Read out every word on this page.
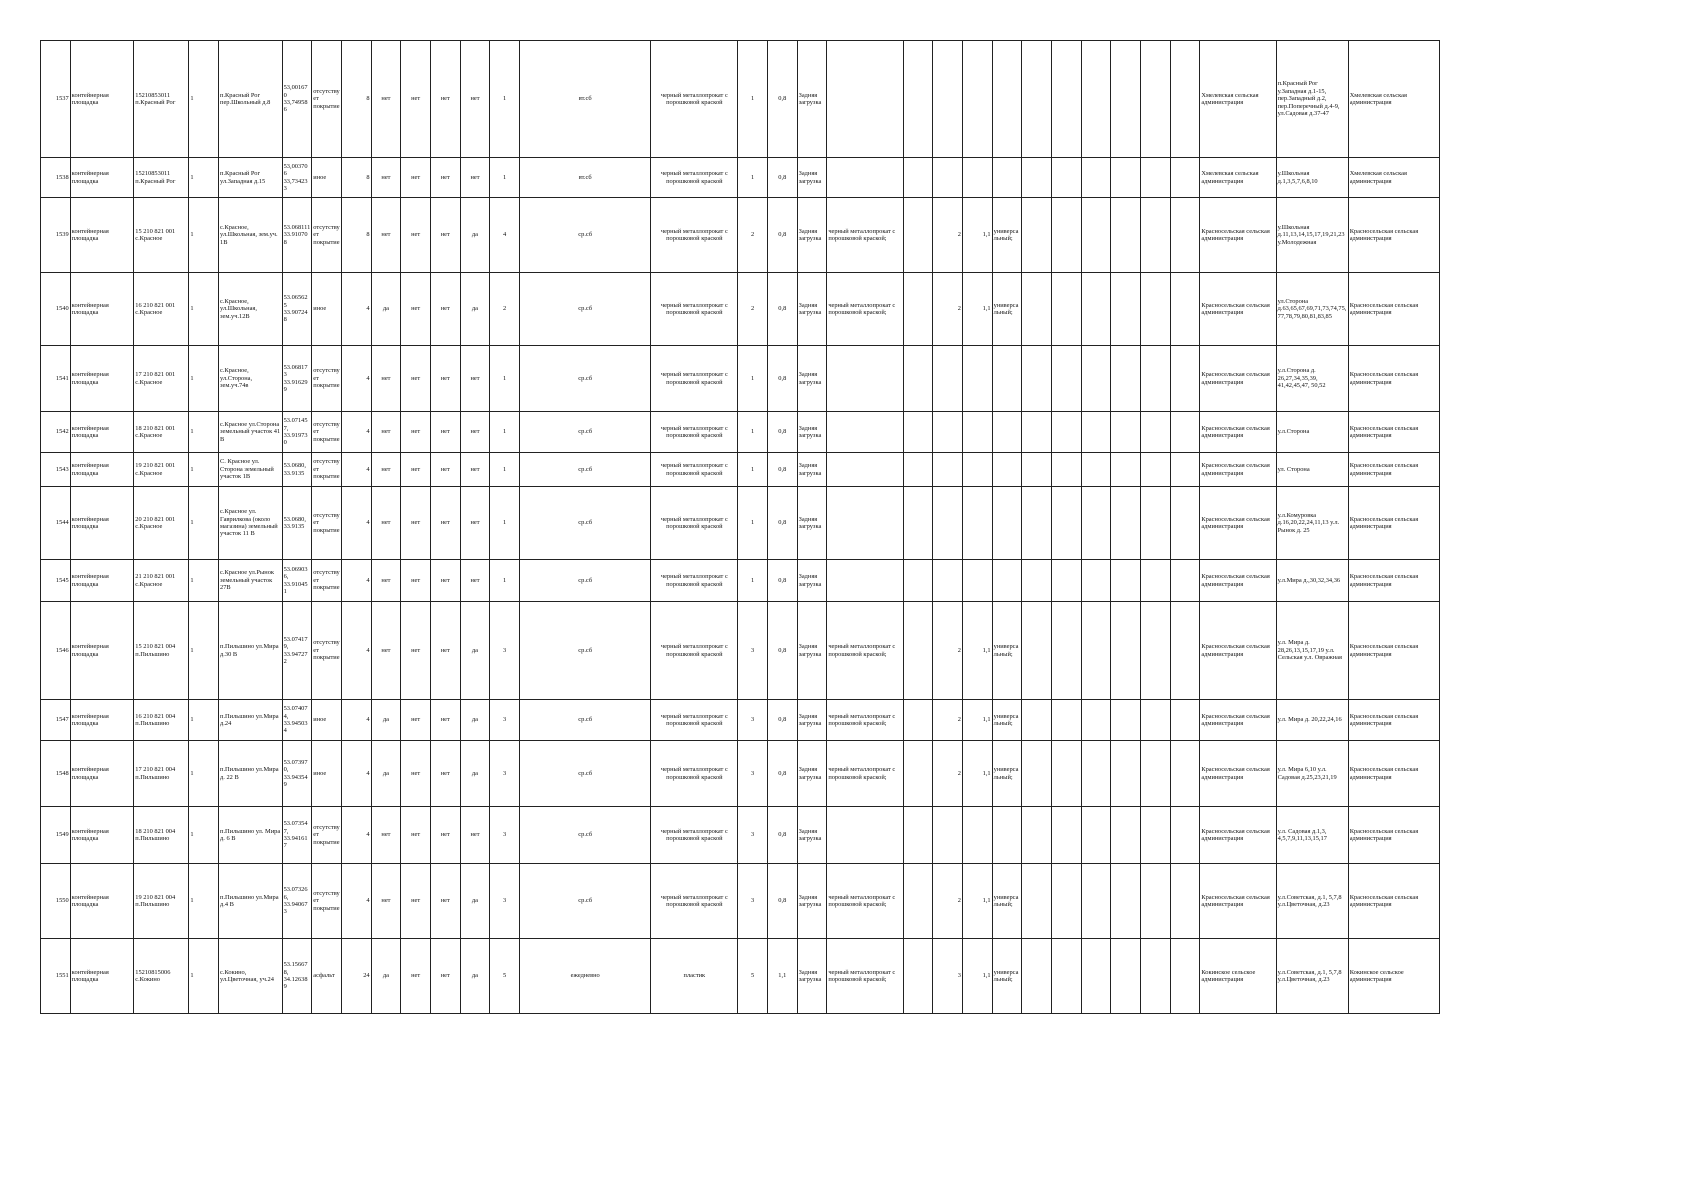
1537	контейнерная площадка	15210853011 п.Красный Рог	1	п.Красный Рог пер.Школьный д.8	53,001670 33,749586	отсутствует покрытие	8	нет	нет	нет	нет	1	вт.сб	черный металлопрокат с порошковой краской	1	0,8	Задняя загрузка												Хмелевская сельская администрация	п.Красный Рог у.Западная д.1-15, пер.Западный д.2, пер.Поперечный д.4-9, ул.Садовая д.37-47	Хмелевская сельская администрация
1538	контейнерная площадка	15210853011 п.Красный Рог	1	п.Красный Рог ул.Западная д.15	53,003706 33,734233	иное	8	нет	нет	нет	нет	1	вт.сб	черный металлопрокат с порошковой краской	1	0,8	Задняя загрузка												Хмелевская сельская администрация	у.Школьная д.1,3,5,7,6,8,10	Хмелевская сельская администрация
1539	контейнерная площадка	15 210 821 001 с.Красное	1	с.Красное, ул.Школьная, зем.уч. 1В	53.068111 33.910708	отсутствует покрытие	8	нет	нет	нет	да	4	ср.сб	черный металлопрокат с порошковой краской	2	0,8	Задняя загрузка	черный металлопрокат с порошковой краской;		2	1,1	универсальный;							Красносельская сельская администрация	у.Школьная д.11,13,14,15,17,19,21,23 у.Молодежная	Красносельская сельская администрация
1540	контейнерная площадка	16 210 821 001 с.Красное	1	с.Красное, ул.Школьная, зем.уч.12В	53.065625 33.907248	иное	4	да	нет	нет	да	2	ср.сб	черный металлопрокат с порошковой краской	2	0,8	Задняя загрузка	черный металлопрокат с порошковой краской;		2	1,1	универсальный;							Красносельская сельская администрация	ул.Сторона д.63,65,67,69,71,73,74,75,77,78,79,80,81,83,85	Красносельская сельская администрация
1541	контейнерная площадка	17 210 821 001 с.Красное	1	с.Красное, ул.Сторона, зем.уч.74в	53.068173 33.916299	отсутствует покрытие	4	нет	нет	нет	нет	1	ср.сб	черный металлопрокат с порошковой краской	1	0,8	Задняя загрузка												Красносельская сельская администрация	у.л.Сторона д. 26,27,34,35,39, 41,42,45,47, 50,52	Красносельская сельская администрация
1542	контейнерная площадка	18 210 821 001 с.Красное	1	с.Красное ул.Сторона земельный участок 41 В	53.071457, 33.919730	отсутствует покрытие	4	нет	нет	нет	нет	1	ср.сб	черный металлопрокат с порошковой краской	1	0,8	Задняя загрузка												Красносельская сельская администрация	у.л.Сторона	Красносельская сельская администрация
1543	контейнерная площадка	19 210 821 001 с.Красное	1	С. Красное ул. Сторона земельный участок 1В	53.0680, 33.9135	отсутствует покрытие	4	нет	нет	нет	нет	1	ср.сб	черный металлопрокат с порошковой краской	1	0,8	Задняя загрузка												Красносельская сельская администрация	ул. Сторона	Красносельская сельская администрация
1544	контейнерная площадка	20 210 821 001 с.Красное	1	с.Красное ул. Гаврилкова (около магазина) земельный участок 11 В	53.0680, 33.9135	отсутствует покрытие	4	нет	нет	нет	нет	1	ср.сб	черный металлопрокат с порошковой краской	1	0,8	Задняя загрузка												Красносельская сельская администрация	у.л.Комуровка д.16,20,22,24,11,13 у.л. Рынок д. 25	Красносельская сельская администрация
1545	контейнерная площадка	21 210 821 001 с.Красное	1	с.Красное ул.Рынок земельный участок 27В	53.069036, 33.910451	отсутствует покрытие	4	нет	нет	нет	нет	1	ср.сб	черный металлопрокат с порошковой краской	1	0,8	Задняя загрузка												Красносельская сельская администрация	у.л.Мира д.,30,32,34,36	Красносельская сельская администрация
1546	контейнерная площадка	15 210 821 004 п.Пильшино	1	п.Пильшино ул.Мира д.30 В	53.074179, 33.947272	отсутствует покрытие	4	нет	нет	нет	да	3	ср.сб	черный металлопрокат с порошковой краской	3	0,8	Задняя загрузка	черный металлопрокат с порошковой краской;		2	1,1	универсальный;							Красносельская сельская администрация	у.л. Мира д. 28,26,13,15,17,19 у.л. Сельская у.л. Овражная	Красносельская сельская администрация
1547	контейнерная площадка	16 210 821 004 п.Пильшино	1	п.Пильшино ул.Мира д.24	53.074074, 33.945034	иное	4	да	нет	нет	да	3	ср.сб	черный металлопрокат с порошковой краской	3	0,8	Задняя загрузка	черный металлопрокат с порошковой краской;		2	1,1	универсальный;							Красносельская сельская администрация	у.л. Мира д. 20,22,24,16	Красносельская сельская администрация
1548	контейнерная площадка	17 210 821 004 п.Пильшино	1	п.Пильшино ул.Мира д. 22 В	53.073970, 33.943549	иное	4	да	нет	нет	да	3	ср.сб	черный металлопрокат с порошковой краской	3	0,8	Задняя загрузка	черный металлопрокат с порошковой краской;		2	1,1	универсальный;							Красносельская сельская администрация	у.л. Мира 6,10 у.л. Садовая д.25,23,21,19	Красносельская сельская администрация
1549	контейнерная площадка	18 210 821 004 п.Пильшино	1	п.Пильшино ул. Мира д. 6 В	53.073547, 33.941617	отсутствует покрытие	4	нет	нет	нет	нет	3	ср.сб	черный металлопрокат с порошковой краской	3	0,8	Задняя загрузка												Красносельская сельская администрация	у.л. Садовая д.1,3, 4,5,7,9,11,13,15,17	Красносельская сельская администрация
1550	контейнерная площадка	19 210 821 004 п.Пильшино	1	п.Пильшино ул.Мира д.4 В	53.073266, 33.940673	отсутствует покрытие	4	нет	нет	нет	да	3	ср.сб	черный металлопрокат с порошковой краской	3	0,8	Задняя загрузка	черный металлопрокат с порошковой краской;		2	1,1	универсальный;							Красносельская сельская администрация	у.л.Советская, д.1, 5,7,8 у.л.Цветочная, д.23	Красносельская сельская администрация
1551	контейнерная площадка	15210815006 с.Кокино	1	с.Кокино, ул.Цветочная, уч.24	53.156678, 34.126389	асфальт	24	да	нет	нет	да	5	ежедневно	пластик	5	1,1	Задняя загрузка	черный металлопрокат с порошковой краской;		3	1,1	универсальный;							Кокинское сельское администрация	у.л.Советская, д.1, 5,7,8 у.л.Цветочная, д.23	Кокинское сельское администрация
